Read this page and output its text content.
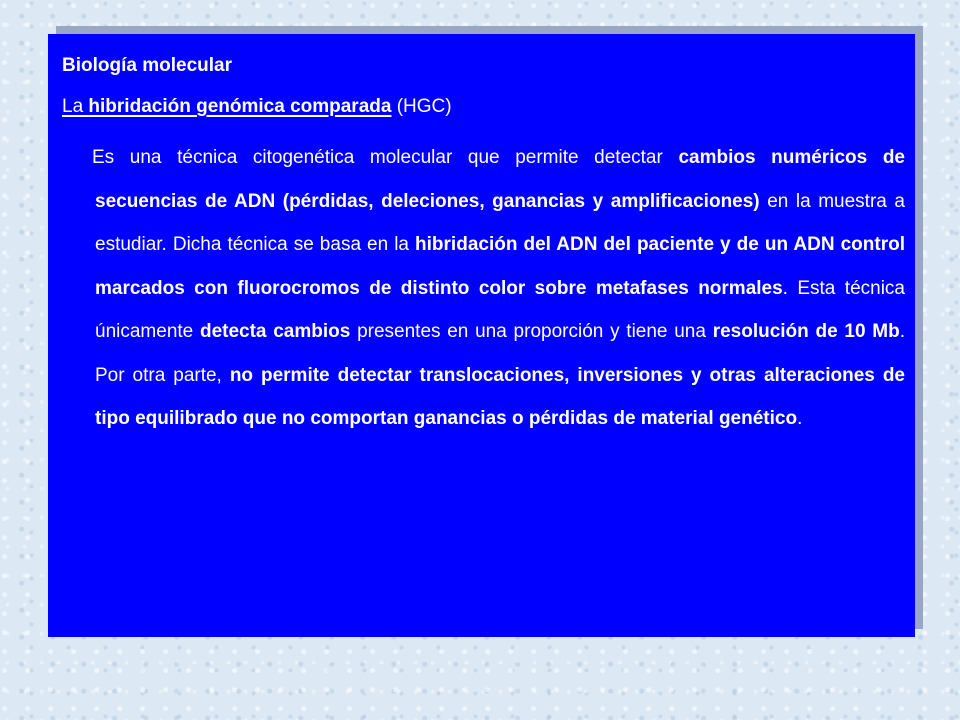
Biología molecular
La hibridación genómica comparada (HGC)
Es una técnica citogenética molecular que permite detectar cambios numéricos de secuencias de ADN (pérdidas, deleciones, ganancias y amplificaciones) en la muestra a estudiar. Dicha técnica se basa en la hibridación del ADN del paciente y de un ADN control marcados con fluorocromos de distinto color sobre metafases normales. Esta técnica únicamente detecta cambios presentes en una proporción y tiene una resolución de 10 Mb. Por otra parte, no permite detectar translocaciones, inversiones y otras alteraciones de tipo equilibrado que no comportan ganancias o pérdidas de material genético.
